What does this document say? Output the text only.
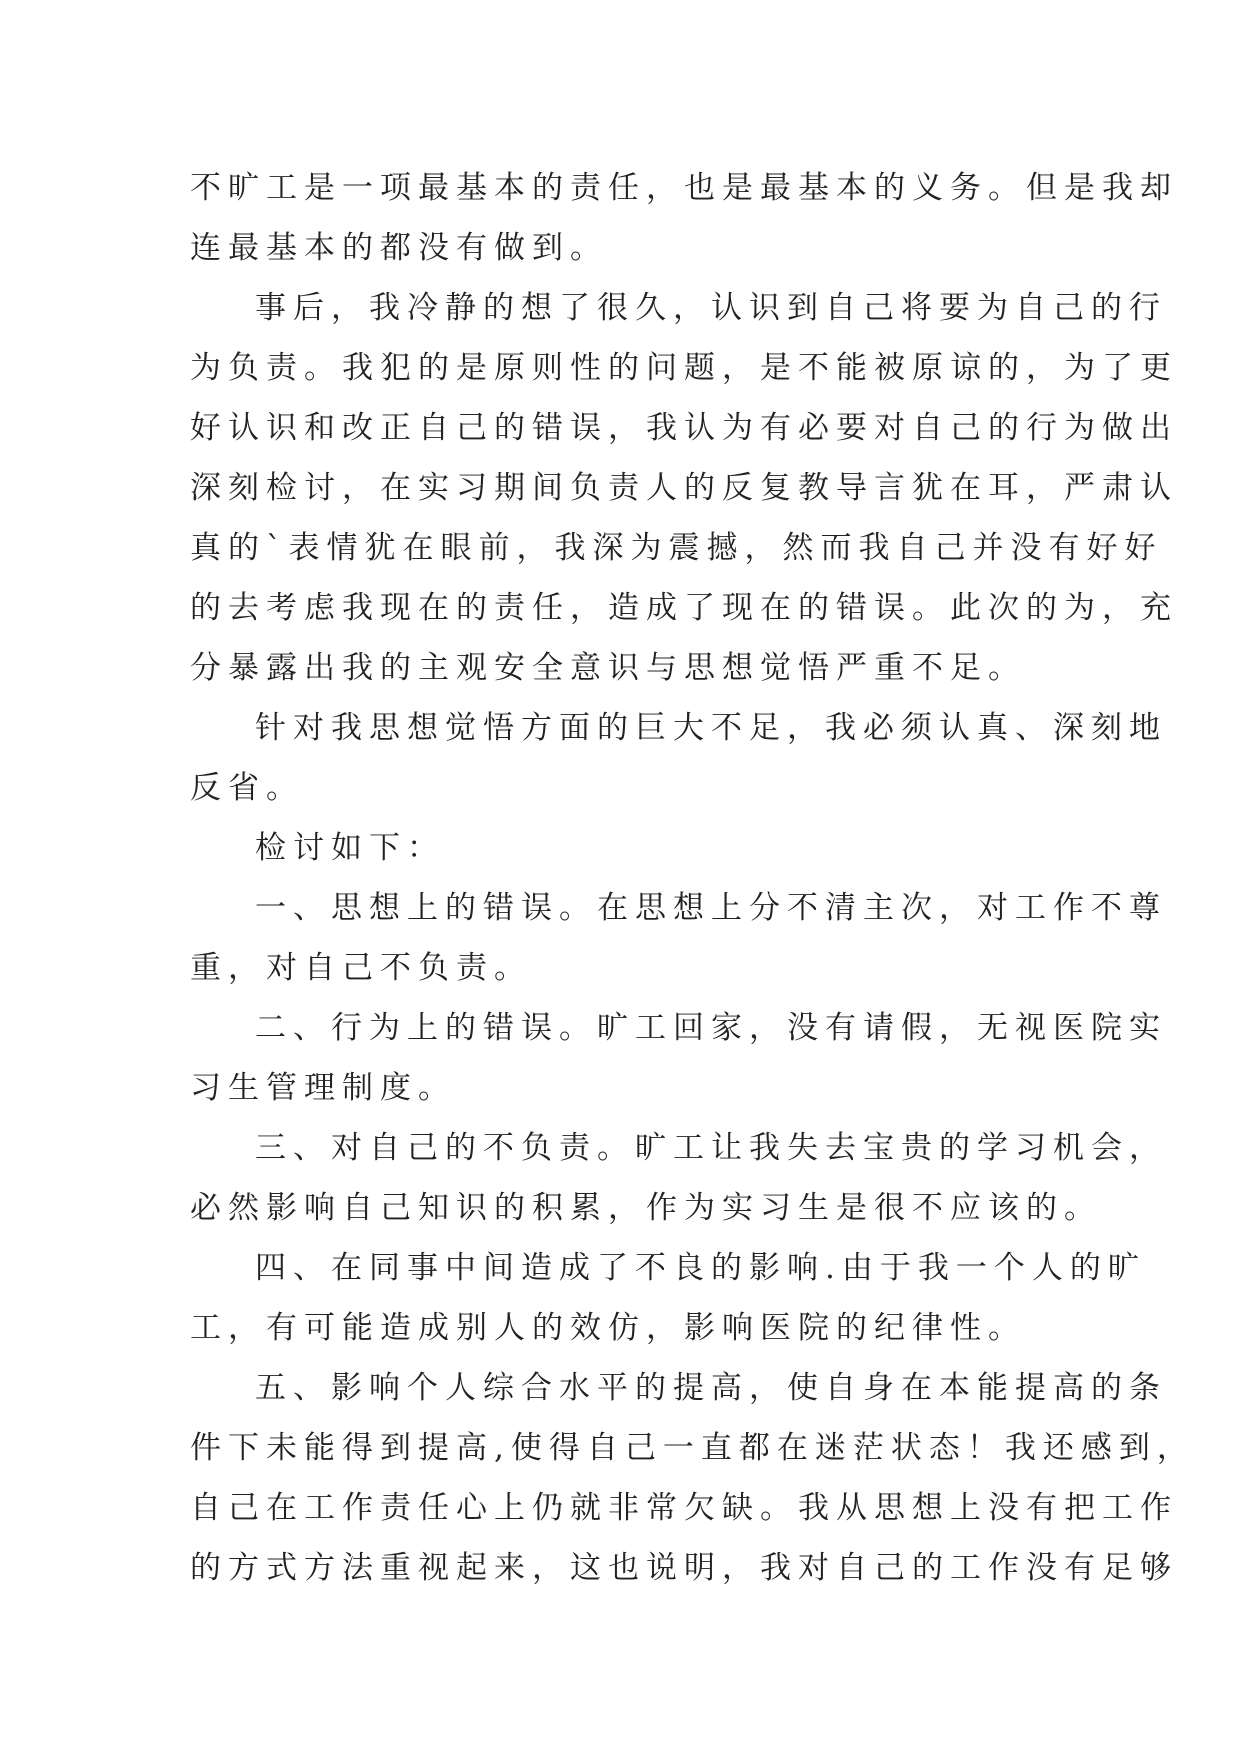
不旷工是一项最基本的责任，也是最基本的义务。但是我却
连最基本的都没有做到。
事后，我冷静的想了很久，认识到自己将要为自己的行
为负责。我犯的是原则性的问题，是不能被原谅的，为了更
好认识和改正自己的错误，我认为有必要对自己的行为做出
深刻检讨，在实习期间负责人的反复教导言犹在耳，严肃认
真的`表情犹在眼前，我深为震撼，然而我自己并没有好好
的去考虑我现在的责任，造成了现在的错误。此次的为，充
分暴露出我的主观安全意识与思想觉悟严重不足。
针对我思想觉悟方面的巨大不足，我必须认真、深刻地
反省。
检讨如下：
一、思想上的错误。在思想上分不清主次，对工作不尊
重，对自己不负责。
二、行为上的错误。旷工回家，没有请假，无视医院实
习生管理制度。
三、对自己的不负责。旷工让我失去宝贵的学习机会，
必然影响自己知识的积累，作为实习生是很不应该的。
四、在同事中间造成了不良的影响.由于我一个人的旷
工，有可能造成别人的效仿，影响医院的纪律性。
五、影响个人综合水平的提高，使自身在本能提高的条
件下未能得到提高,使得自己一直都在迷茫状态！我还感到，
自己在工作责任心上仍就非常欠缺。我从思想上没有把工作
的方式方法重视起来，这也说明，我对自己的工作没有足够
